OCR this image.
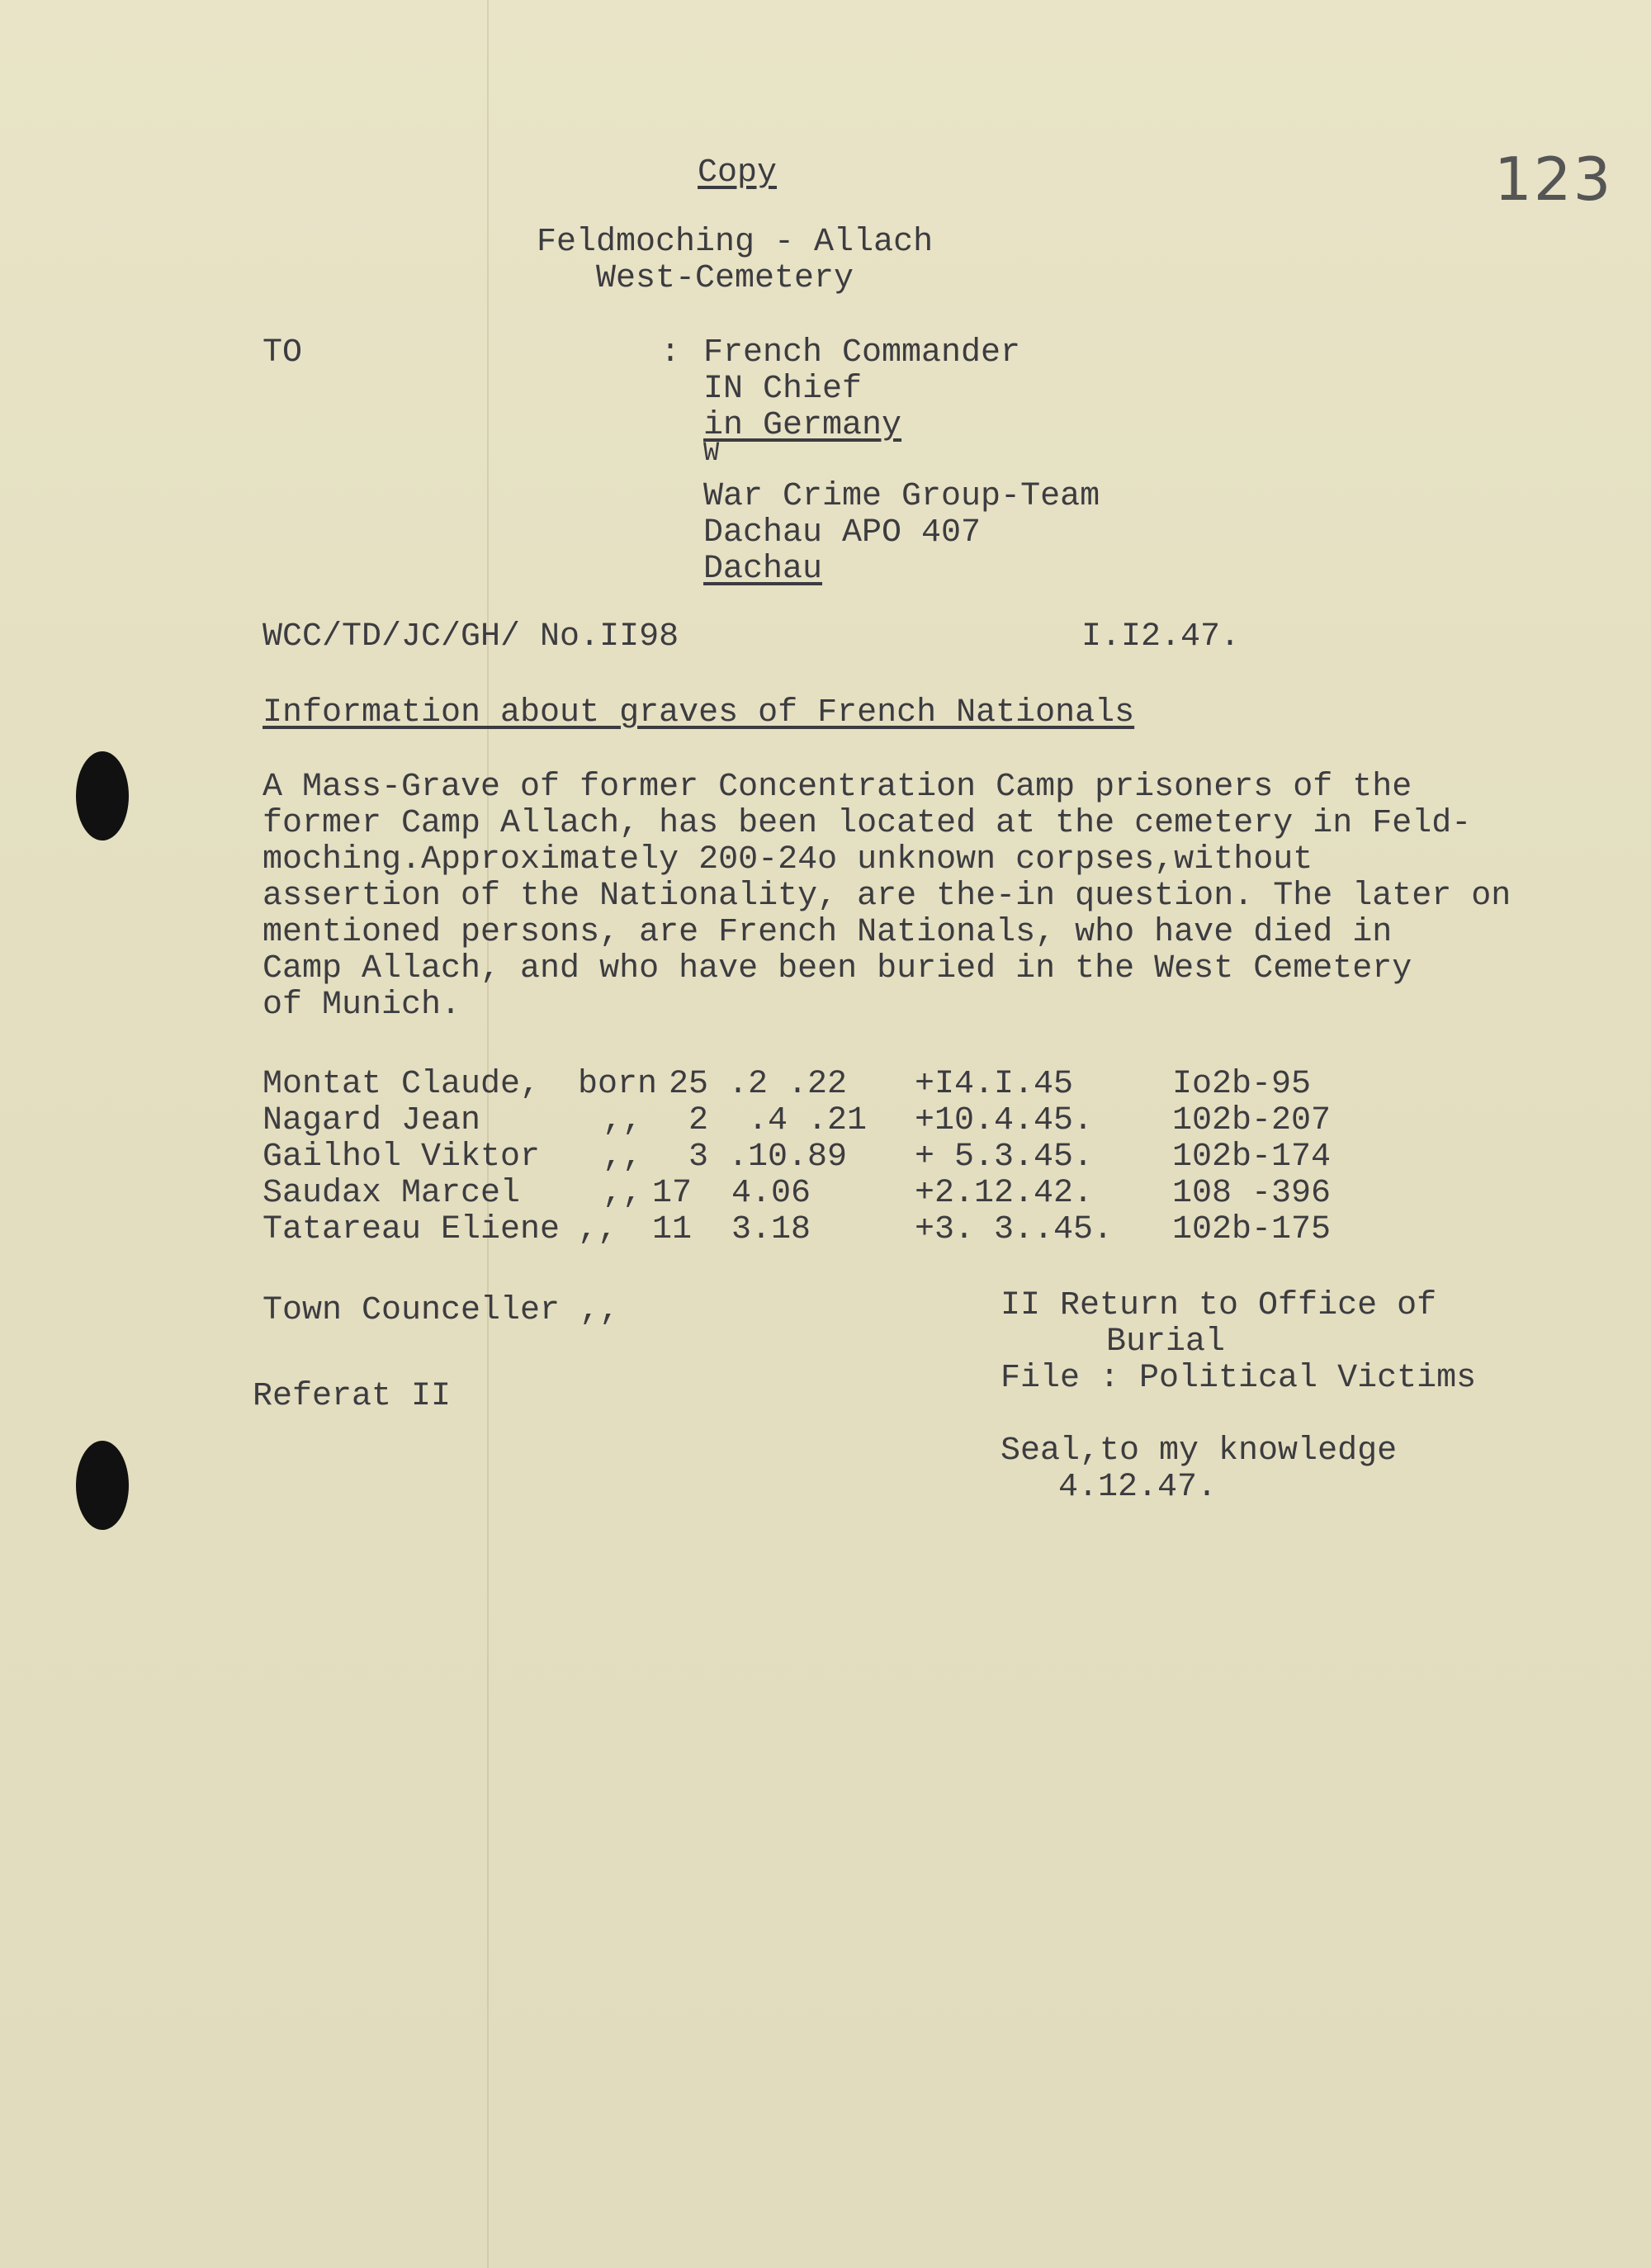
123
Copy
Feldmoching - Allach
West-Cemetery
TO	: French Commander
IN Chief
in Germany
W
War Crime Group-Team
Dachau APO 407
Dachau
WCC/TD/JC/GH/ No.II98	I.I2.47.
Information about graves of French Nationals
A Mass-Grave of former Concentration Camp prisoners of the
former Camp Allach, has been located at the cemetery in Feld-
moching.Approximately 200-24o unknown corpses,without
assertion of the Nationality, are the-in question. The later on
mentioned persons, are French Nationals, who have died in
Camp Allach, and who have been buried in the West Cemetery
of Munich.
Montat Claude, born 25 .2 .22 +I4.I.45	Io2b-95
Nagard Jean	,, 2  .4 .21 +10.4.45. 102b-207
Gailhol Viktor ,, 3 .10.89 + 5.3.45. 102b-174
Saudax Marcel ,, 17  4.06	+2.12.42. 108 -396
Tatareau Eliene ,, 11  3.18	+3. 3..45. 102b-175
Town Counceller ,,
Referat II
II Return to Office of
Burial
File : Political Victims
Seal,to my knowledge
4.12.47.
